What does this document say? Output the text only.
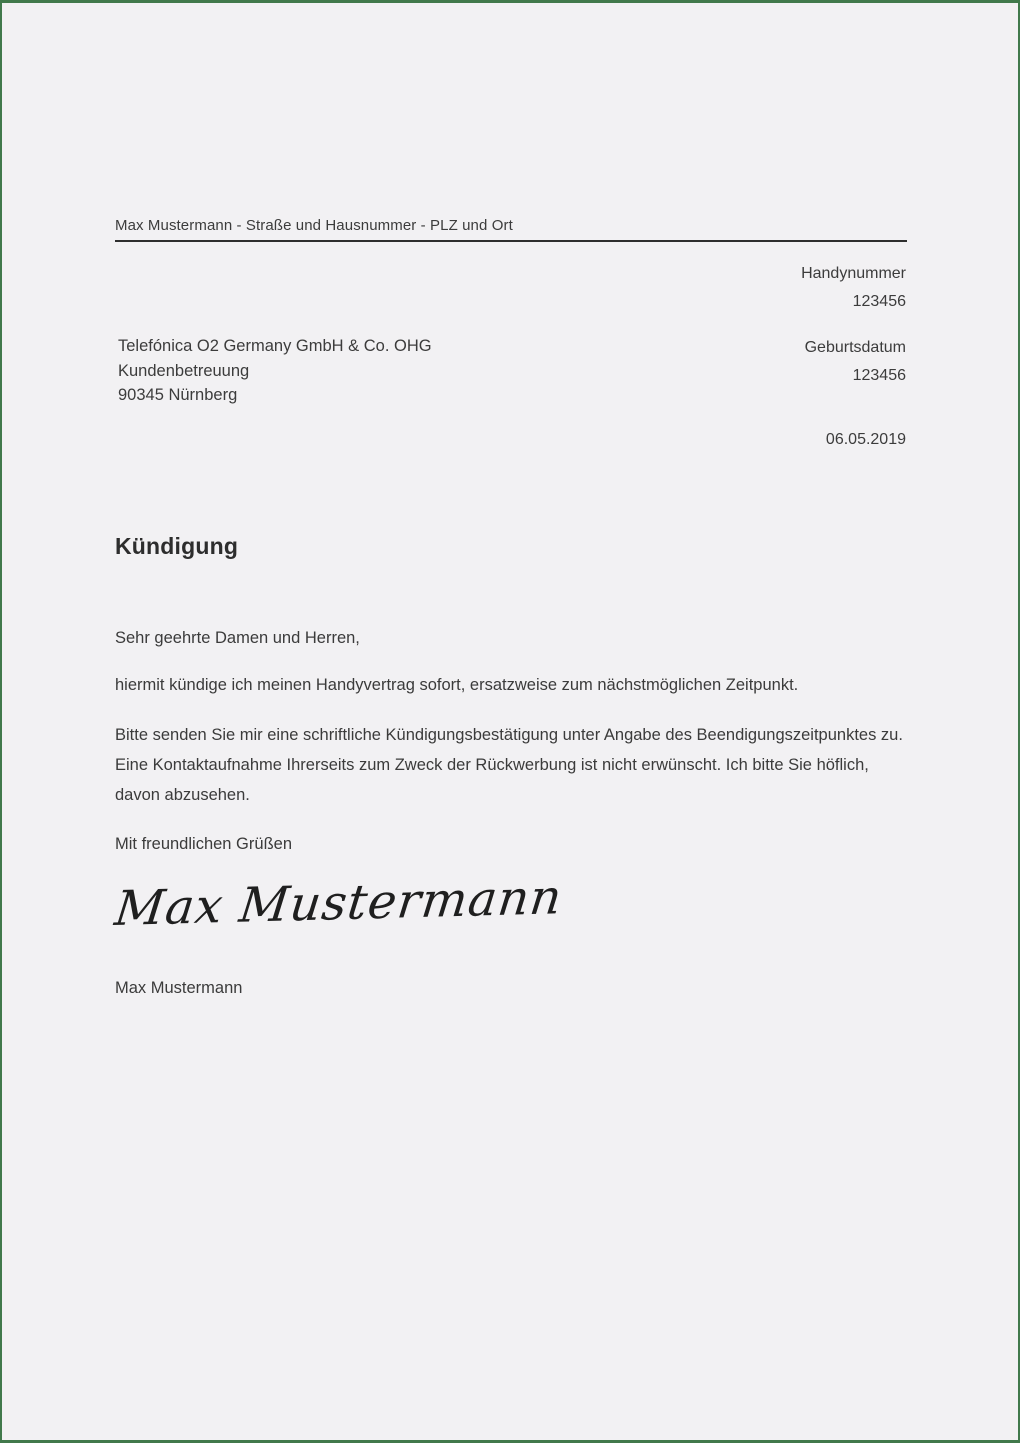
Max Mustermann - Straße und Hausnummer - PLZ und Ort
Handynummer
123456
Telefónica O2 Germany GmbH & Co. OHG
Kundenbetreuung
90345 Nürnberg
Geburtsdatum
123456
06.05.2019
Kündigung
Sehr geehrte Damen und Herren,
hiermit kündige ich meinen Handyvertrag sofort, ersatzweise zum nächstmöglichen Zeitpunkt.
Bitte senden Sie mir eine schriftliche Kündigungsbestätigung unter Angabe des Beendigungszeitpunktes zu. Eine Kontaktaufnahme Ihrerseits zum Zweck der Rückwerbung ist nicht erwünscht. Ich bitte Sie höflich, davon abzusehen.
Mit freundlichen Grüßen
Max Mustermann
Max Mustermann
